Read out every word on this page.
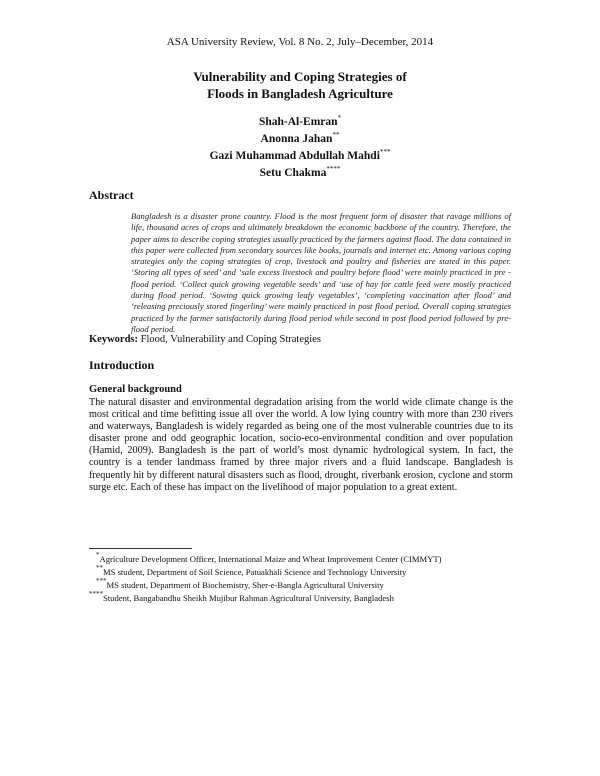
ASA University Review, Vol. 8 No. 2, July–December, 2014
Vulnerability and Coping Strategies of
Floods in Bangladesh Agriculture
Shah-Al-Emran*
Anonna Jahan**
Gazi Muhammad Abdullah Mahdi***
Setu Chakma****
Abstract
Bangladesh is a disaster prone country. Flood is the most frequent form of disaster that ravage millions of life, thousand acres of crops and ultimately breakdown the economic backbone of the country. Therefore, the paper aims to describe coping strategies usually practiced by the farmers against flood. The data contained in this paper were collected from secondary sources like books, journals and internet etc. Among various coping strategies only the coping strategies of crop, livestock and poultry and fisheries are stated in this paper. ‘Storing all types of seed’ and ‘sale excess livestock and poultry before flood’ were mainly practiced in pre -flood period. ‘Collect quick growing vegetable seeds’ and ‘use of hay for cattle feed were mostly practiced during flood period. ‘Sowing quick growing leafy vegetables’, ‘completing vaccination after flood’ and ‘releasing preciously stored fingerling’ were mainly practiced in post flood period. Overall coping strategies practiced by the farmer satisfactorily during flood period while second in post flood period followed by pre-flood period.
Keywords: Flood, Vulnerability and Coping Strategies
Introduction
General background
The natural disaster and environmental degradation arising from the world wide climate change is the most critical and time befitting issue all over the world. A low lying country with more than 230 rivers and waterways, Bangladesh is widely regarded as being one of the most vulnerable countries due to its disaster prone and odd geographic location, socio-eco-environmental condition and over population (Hamid, 2009). Bangladesh is the part of world’s most dynamic hydrological system. In fact, the country is a tender landmass framed by three major rivers and a fluid landscape. Bangladesh is frequently hit by different natural disasters such as flood, drought, riverbank erosion, cyclone and storm surge etc. Each of these has impact on the livelihood of major population to a great extent.
*Agriculture Development Officer, International Maize and Wheat Improvement Center (CIMMYT)
**MS student, Department of Soil Science, Patuakhali Science and Technology University
***MS student, Department of Biochemistry, Sher-e-Bangla Agricultural University
****Student, Bangabandhu Sheikh Mujibur Rahman Agricultural University, Bangladesh
